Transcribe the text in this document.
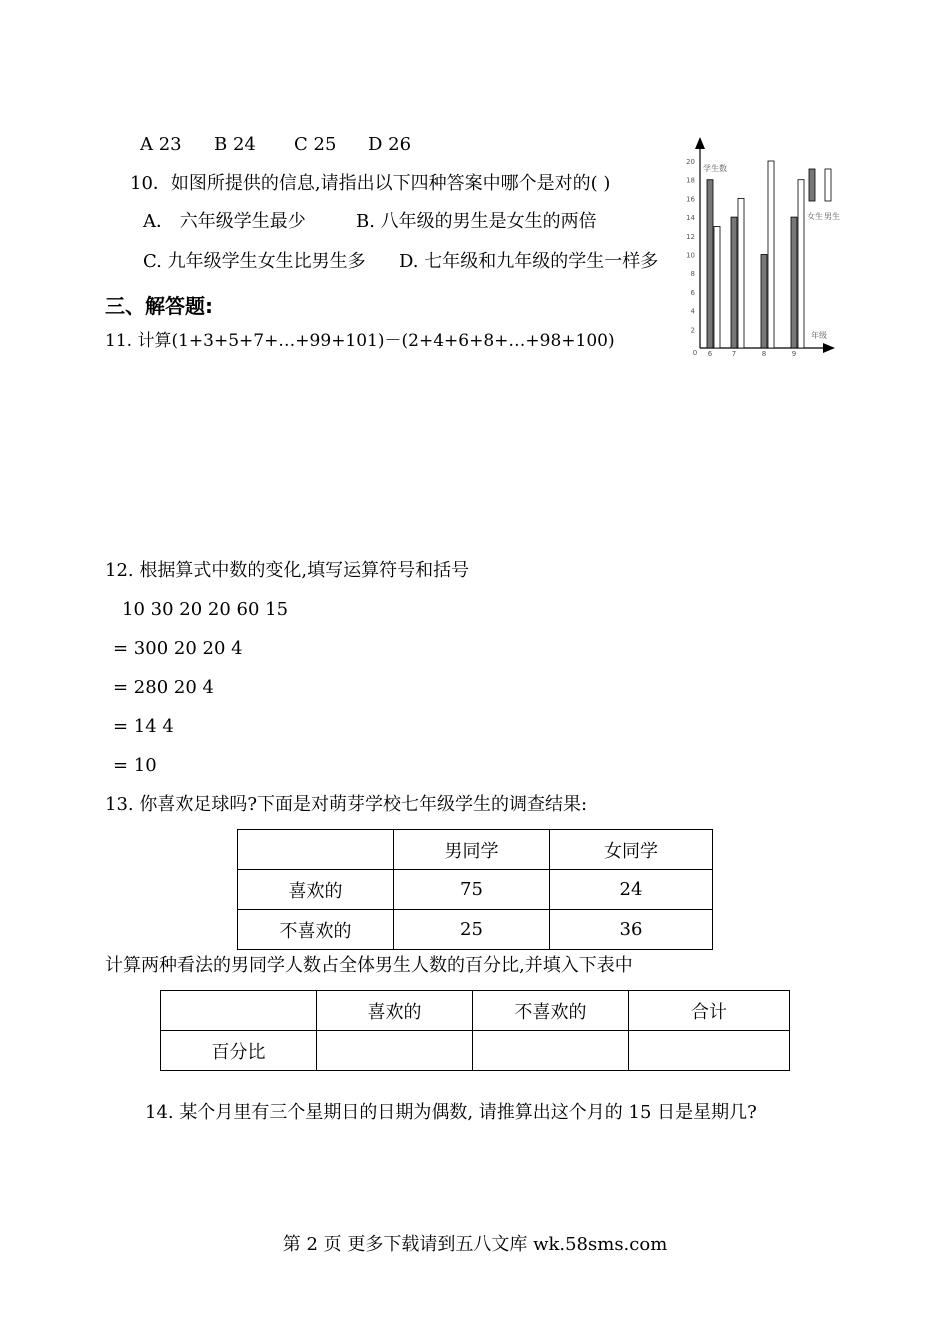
A 23 B 24 C 25 D 26
10．如图所提供的信息,请指出以下四种答案中哪个是对的( )
A． 六年级学生最少	B. 八年级的男生是女生的两倍
C. 九年级学生女生比男生多 D. 七年级和九年级的学生一样多
三、解答题:
11. 计算(1+3+5+7+…+99+101)－(2+4+6+8+…+98+100)
12. 根据算式中数的变化,填写运算符号和括号
10 30 20 20 60 15
= 300 20 20 4
= 280 20 4
= 14 4
= 10
13. 你喜欢足球吗?下面是对萌芽学校七年级学生的调查结果:
	男同学	女同学
喜欢的	75	24
不喜欢的	25	36
计算两种看法的男同学人数占全体男生人数的百分比,并填入下表中
	喜欢的	不喜欢的	合计
百分比			
14. 某个月里有三个星期日的日期为偶数, 请推算出这个月的 15 日是星期几?
第 2 页 更多下载请到五八文库 wk.58sms.com
学生数
年级
0
女生 男生
2
4
6
8
10
12
14
16
18
20
6	7	8	9
